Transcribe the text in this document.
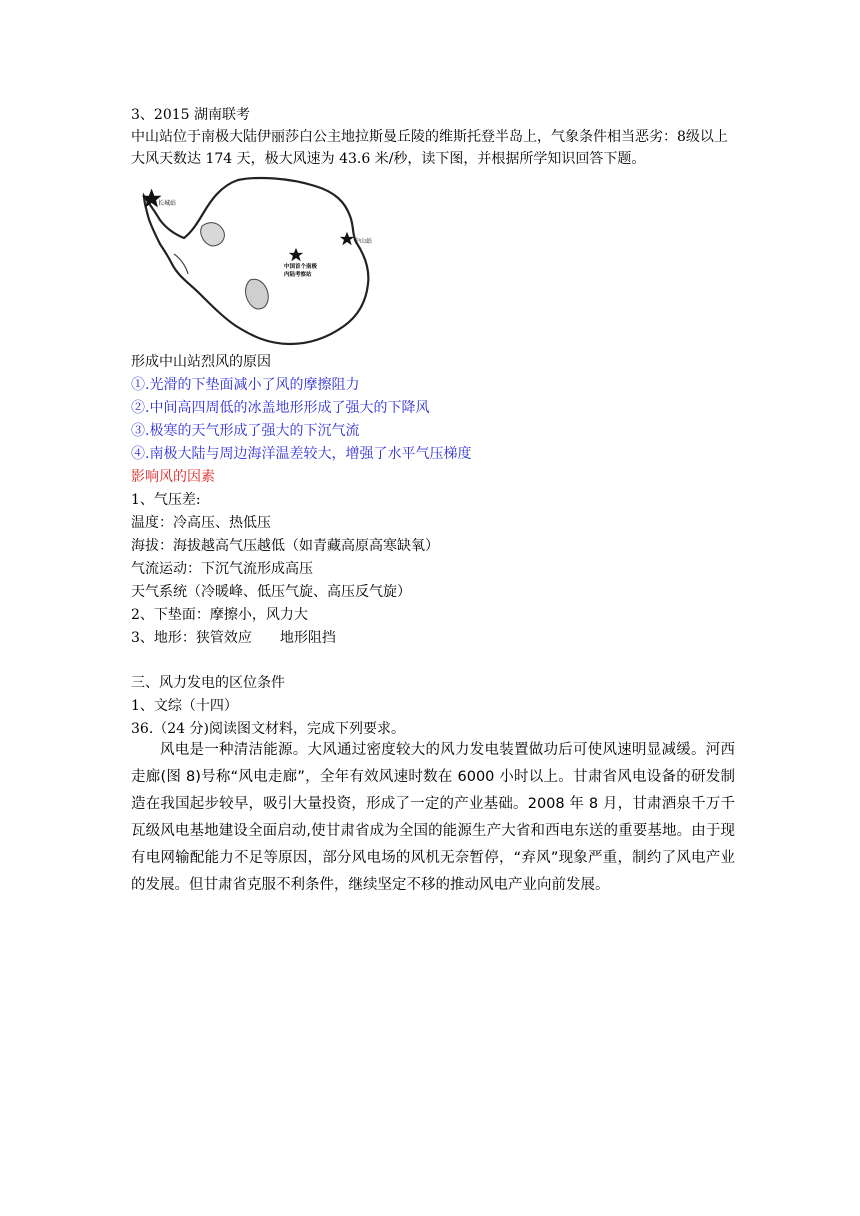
3、2015 湖南联考
中山站位于南极大陆伊丽莎白公主地拉斯曼丘陵的维斯托登半岛上，气象条件相当恶劣：8级以上大风天数达 174 天，极大风速为 43.6 米/秒，读下图，并根据所学知识回答下题。
长城站
中山站
中国首个南极
内陆考察站
形成中山站烈风的原因
①.光滑的下垫面减小了风的摩擦阻力
②.中间高四周低的冰盖地形形成了强大的下降风
③.极寒的天气形成了强大的下沉气流
④.南极大陆与周边海洋温差较大，增强了水平气压梯度
影响风的因素
1、气压差:
温度：冷高压、热低压
海拔：海拔越高气压越低（如青藏高原高寒缺氧）
气流运动：下沉气流形成高压
天气系统（冷暖峰、低压气旋、高压反气旋）
2、下垫面：摩擦小，风力大
3、地形：狭管效应　　地形阻挡
三、风力发电的区位条件
1、文综（十四）
36.（24 分)阅读图文材料，完成下列要求。
风电是一种清洁能源。大风通过密度较大的风力发电装置做功后可使风速明显减缓。河西走廊(图 8)号称“风电走廊”，全年有效风速时数在 6000 小时以上。甘肃省风电设备的研发制造在我国起步较早，吸引大量投资，形成了一定的产业基础。2008 年 8 月，甘肃酒泉千万千瓦级风电基地建设全面启动,使甘肃省成为全国的能源生产大省和西电东送的重要基地。由于现有电网输配能力不足等原因，部分风电场的风机无奈暂停，“弃风”现象严重，制约了风电产业的发展。但甘肃省克服不利条件，继续坚定不移的推动风电产业向前发展。
